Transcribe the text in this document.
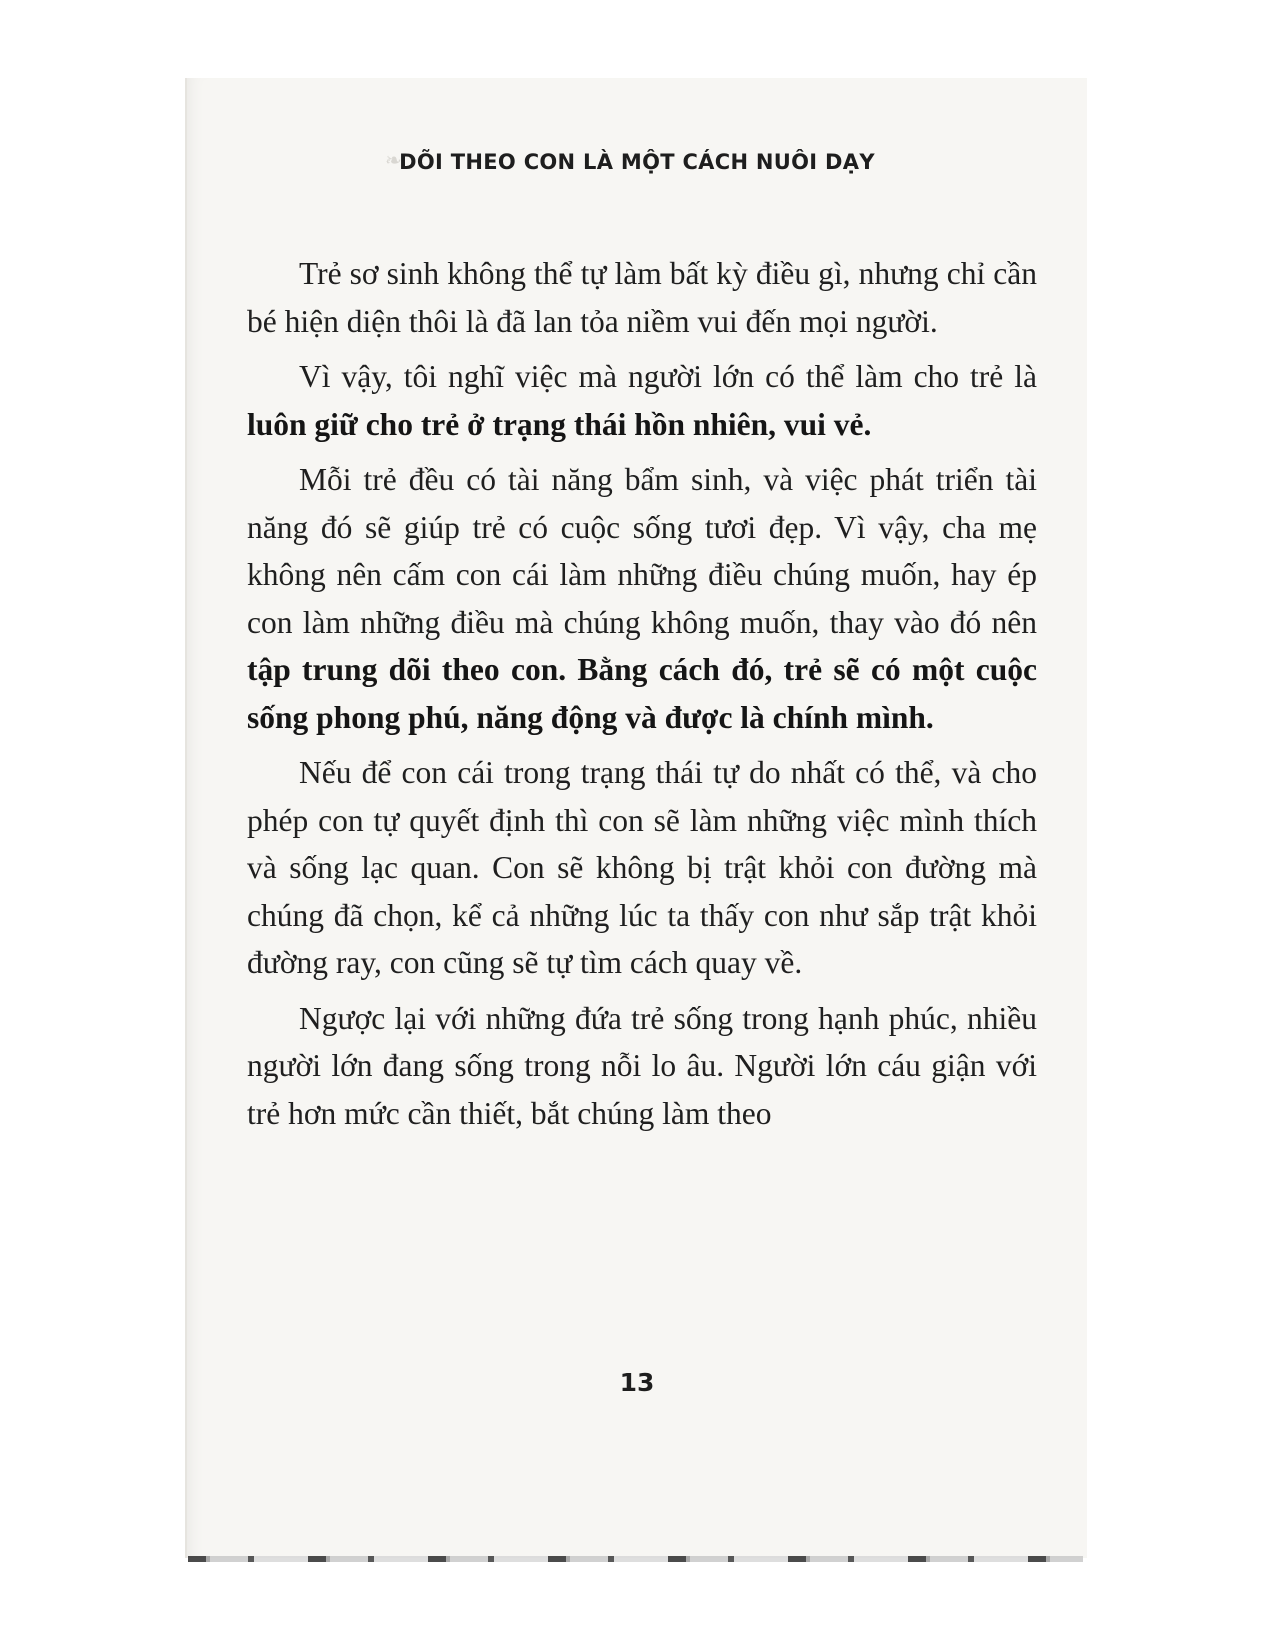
❧
DÕI THEO CON LÀ MỘT CÁCH NUÔI DẠY

Trẻ sơ sinh không thể tự làm bất kỳ điều gì, nhưng chỉ cần bé hiện diện thôi là đã lan tỏa niềm vui đến mọi người.

Vì vậy, tôi nghĩ việc mà người lớn có thể làm cho trẻ là luôn giữ cho trẻ ở trạng thái hồn nhiên, vui vẻ.

Mỗi trẻ đều có tài năng bẩm sinh, và việc phát triển tài năng đó sẽ giúp trẻ có cuộc sống tươi đẹp. Vì vậy, cha mẹ không nên cấm con cái làm những điều chúng muốn, hay ép con làm những điều mà chúng không muốn, thay vào đó nên tập trung dõi theo con. Bằng cách đó, trẻ sẽ có một cuộc sống phong phú, năng động và được là chính mình.

Nếu để con cái trong trạng thái tự do nhất có thể, và cho phép con tự quyết định thì con sẽ làm những việc mình thích và sống lạc quan. Con sẽ không bị trật khỏi con đường mà chúng đã chọn, kể cả những lúc ta thấy con như sắp trật khỏi đường ray, con cũng sẽ tự tìm cách quay về.

Ngược lại với những đứa trẻ sống trong hạnh phúc, nhiều người lớn đang sống trong nỗi lo âu. Người lớn cáu giận với trẻ hơn mức cần thiết, bắt chúng làm theo

13
